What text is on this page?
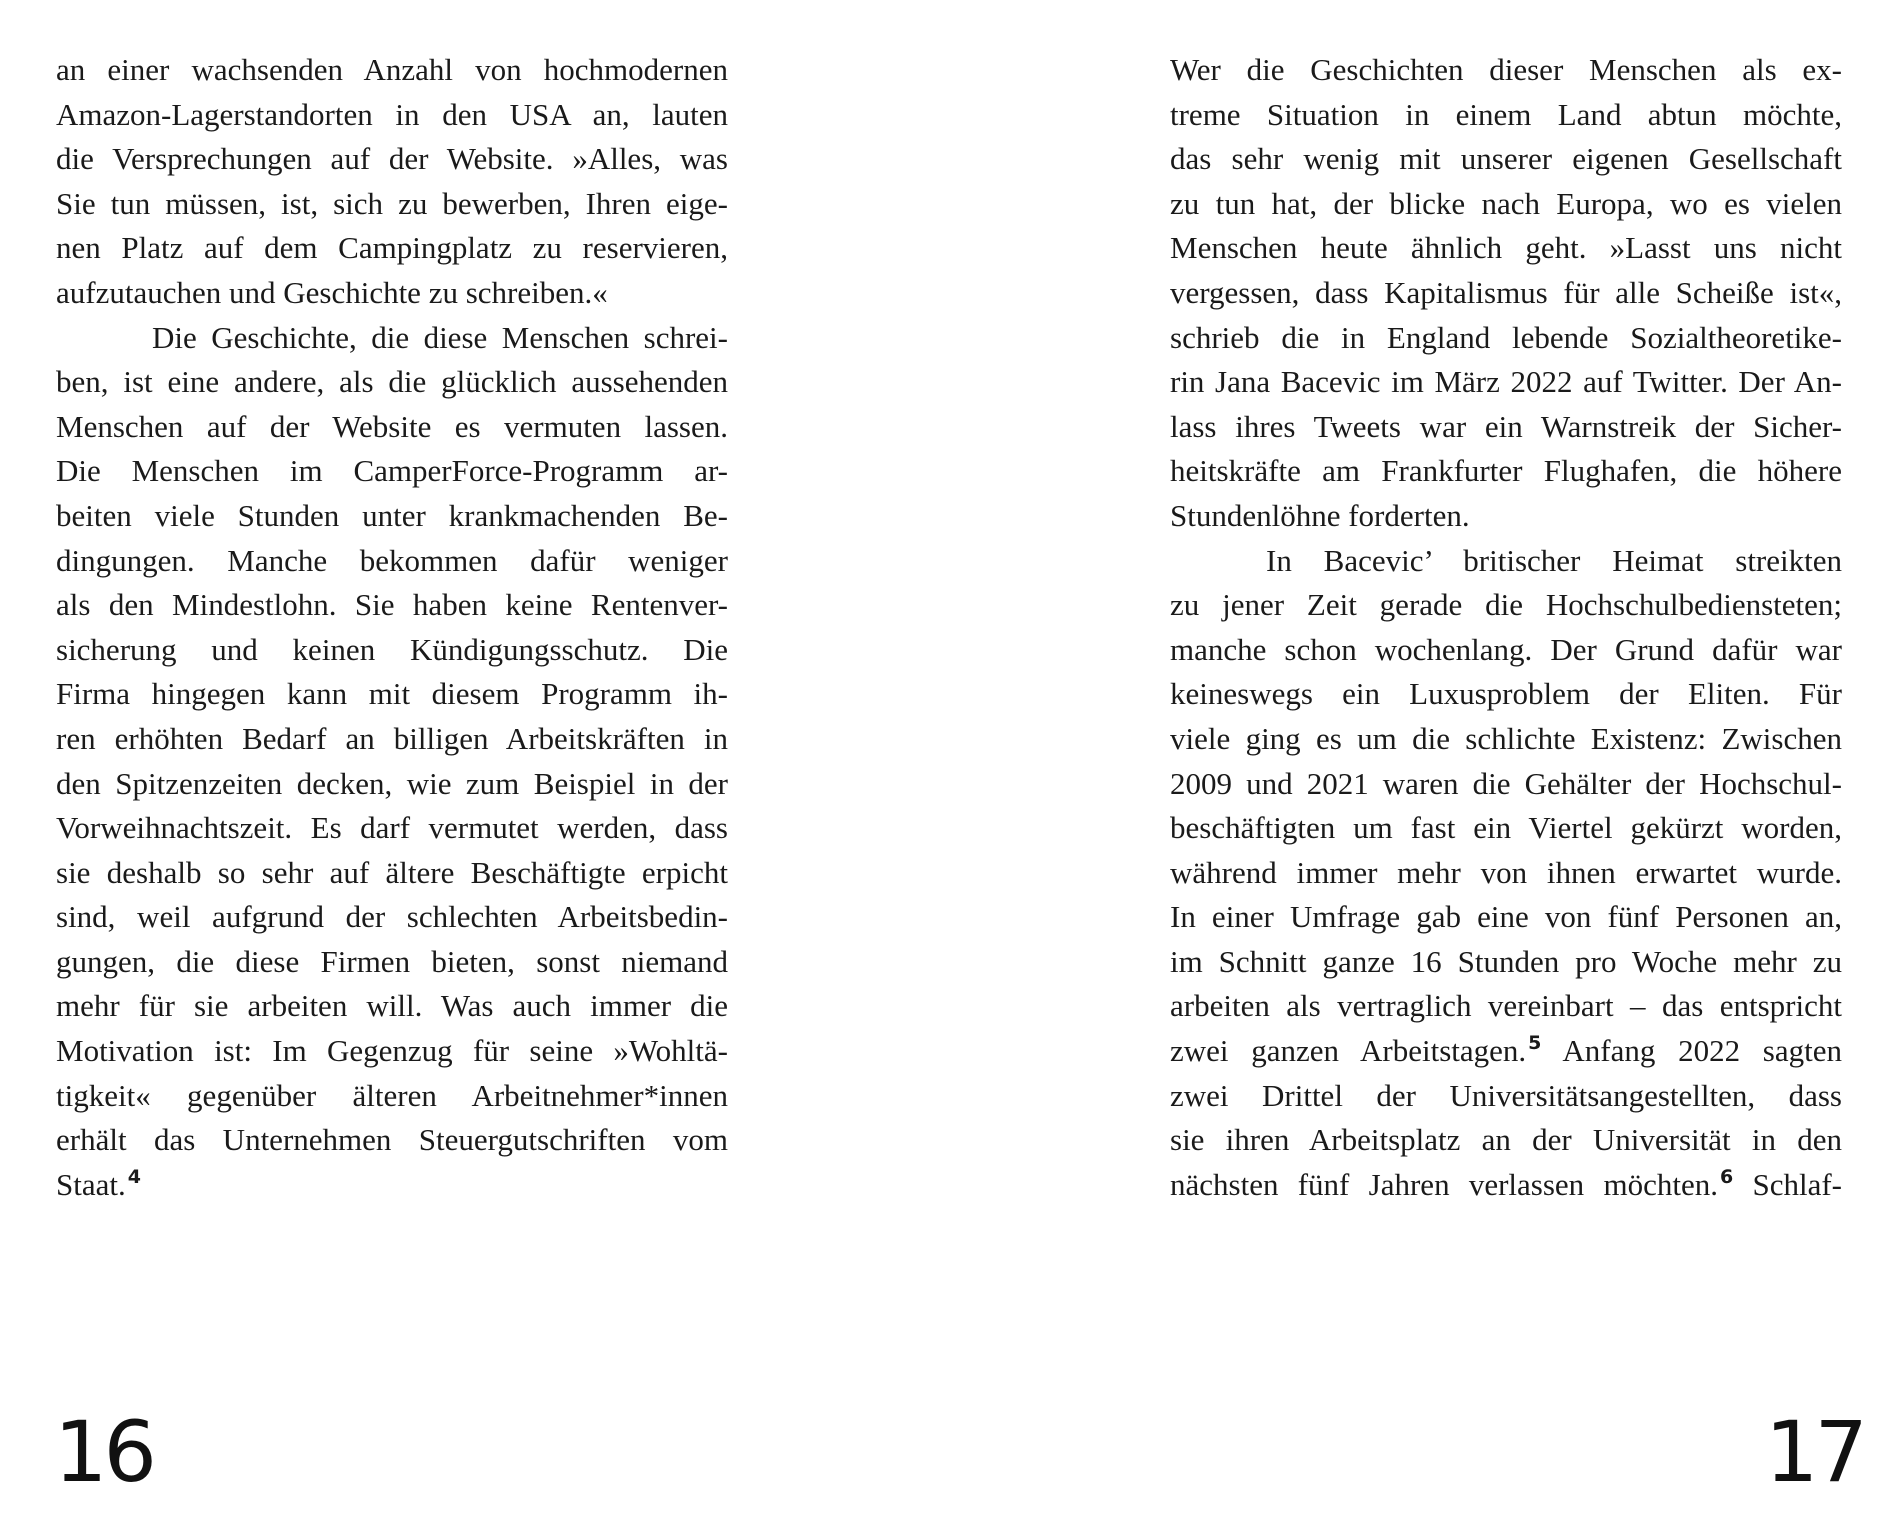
an einer wachsenden Anzahl von hochmodernen
Amazon-Lagerstandorten in den USA an, lauten
die Versprechungen auf der Website. »Alles, was
Sie tun müssen, ist, sich zu bewerben, Ihren eige-
nen Platz auf dem Campingplatz zu reservieren,
aufzutauchen und Geschichte zu schreiben.«
Die Geschichte, die diese Menschen schrei-
ben, ist eine andere, als die glücklich aussehenden
Menschen auf der Website es vermuten lassen.
Die Menschen im CamperForce-Programm ar-
beiten viele Stunden unter krankmachenden Be-
dingungen. Manche bekommen dafür weniger
als den Mindestlohn. Sie haben keine Rentenver-
sicherung und keinen Kündigungsschutz. Die
Firma hingegen kann mit diesem Programm ih-
ren erhöhten Bedarf an billigen Arbeitskräften in
den Spitzenzeiten decken, wie zum Beispiel in der
Vorweihnachtszeit. Es darf vermutet werden, dass
sie deshalb so sehr auf ältere Beschäftigte erpicht
sind, weil aufgrund der schlechten Arbeitsbedin-
gungen, die diese Firmen bieten, sonst niemand
mehr für sie arbeiten will. Was auch immer die
Motivation ist: Im Gegenzug für seine »Wohltä-
tigkeit« gegenüber älteren Arbeitnehmer*innen
erhält das Unternehmen Steuergutschriften vom
Staat. $^4$
16
Wer die Geschichten dieser Menschen als ex-
treme Situation in einem Land abtun möchte,
das sehr wenig mit unserer eigenen Gesellschaft
zu tun hat, der blicke nach Europa, wo es vielen
Menschen heute ähnlich geht. »Lasst uns nicht
vergessen, dass Kapitalismus für alle Scheiße ist«,
schrieb die in England lebende Sozialtheoretike-
rin Jana Bacevic im März 2022 auf Twitter. Der An-
lass ihres Tweets war ein Warnstreik der Sicher-
heitskräfte am Frankfurter Flughafen, die höhere
Stundenlöhne forderten.
In Bacevic’ britischer Heimat streikten
zu jener Zeit gerade die Hochschulbediensteten;
manche schon wochenlang. Der Grund dafür war
keineswegs ein Luxusproblem der Eliten. Für
viele ging es um die schlichte Existenz: Zwischen
2009 und 2021 waren die Gehälter der Hochschul-
beschäftigten um fast ein Viertel gekürzt worden,
während immer mehr von ihnen erwartet wurde.
In einer Umfrage gab eine von fünf Personen an,
im Schnitt ganze 16 Stunden pro Woche mehr zu
arbeiten als vertraglich vereinbart – das entspricht
zwei ganzen Arbeitstagen. $^5$ Anfang 2022 sagten
zwei Drittel der Universitätsangestellten, dass
sie ihren Arbeitsplatz an der Universität in den
nächsten fünf Jahren verlassen möchten. $^6$ Schlaf-
17
